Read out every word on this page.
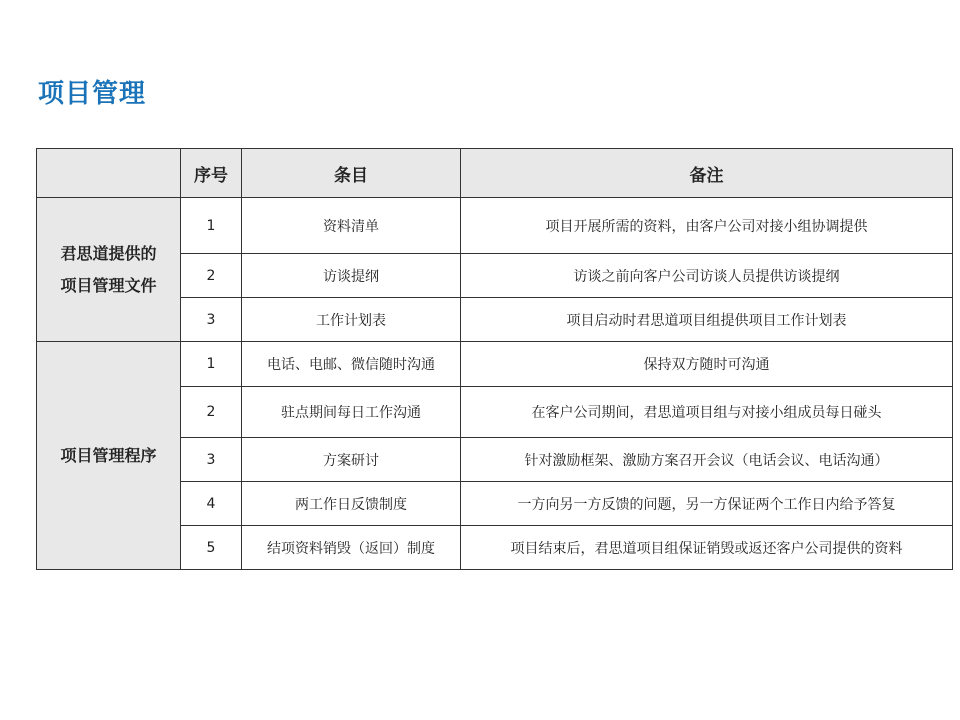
项目管理
	序号	条目	备注

君思道提供的
项目管理文件	1	资料清单	项目开展所需的资料，由客户公司对接小组协调提供
	2	访谈提纲	访谈之前向客户公司访谈人员提供访谈提纲
	3	工作计划表	项目启动时君思道项目组提供项目工作计划表

项目管理程序	1	电话、电邮、微信随时沟通	保持双方随时可沟通
	2	驻点期间每日工作沟通	在客户公司期间，君思道项目组与对接小组成员每日碰头
	3	方案研讨	针对激励框架、激励方案召开会议（电话会议、电话沟通）
	4	两工作日反馈制度	一方向另一方反馈的问题，另一方保证两个工作日内给予答复
	5	结项资料销毁（返回）制度	项目结束后，君思道项目组保证销毁或返还客户公司提供的资料
